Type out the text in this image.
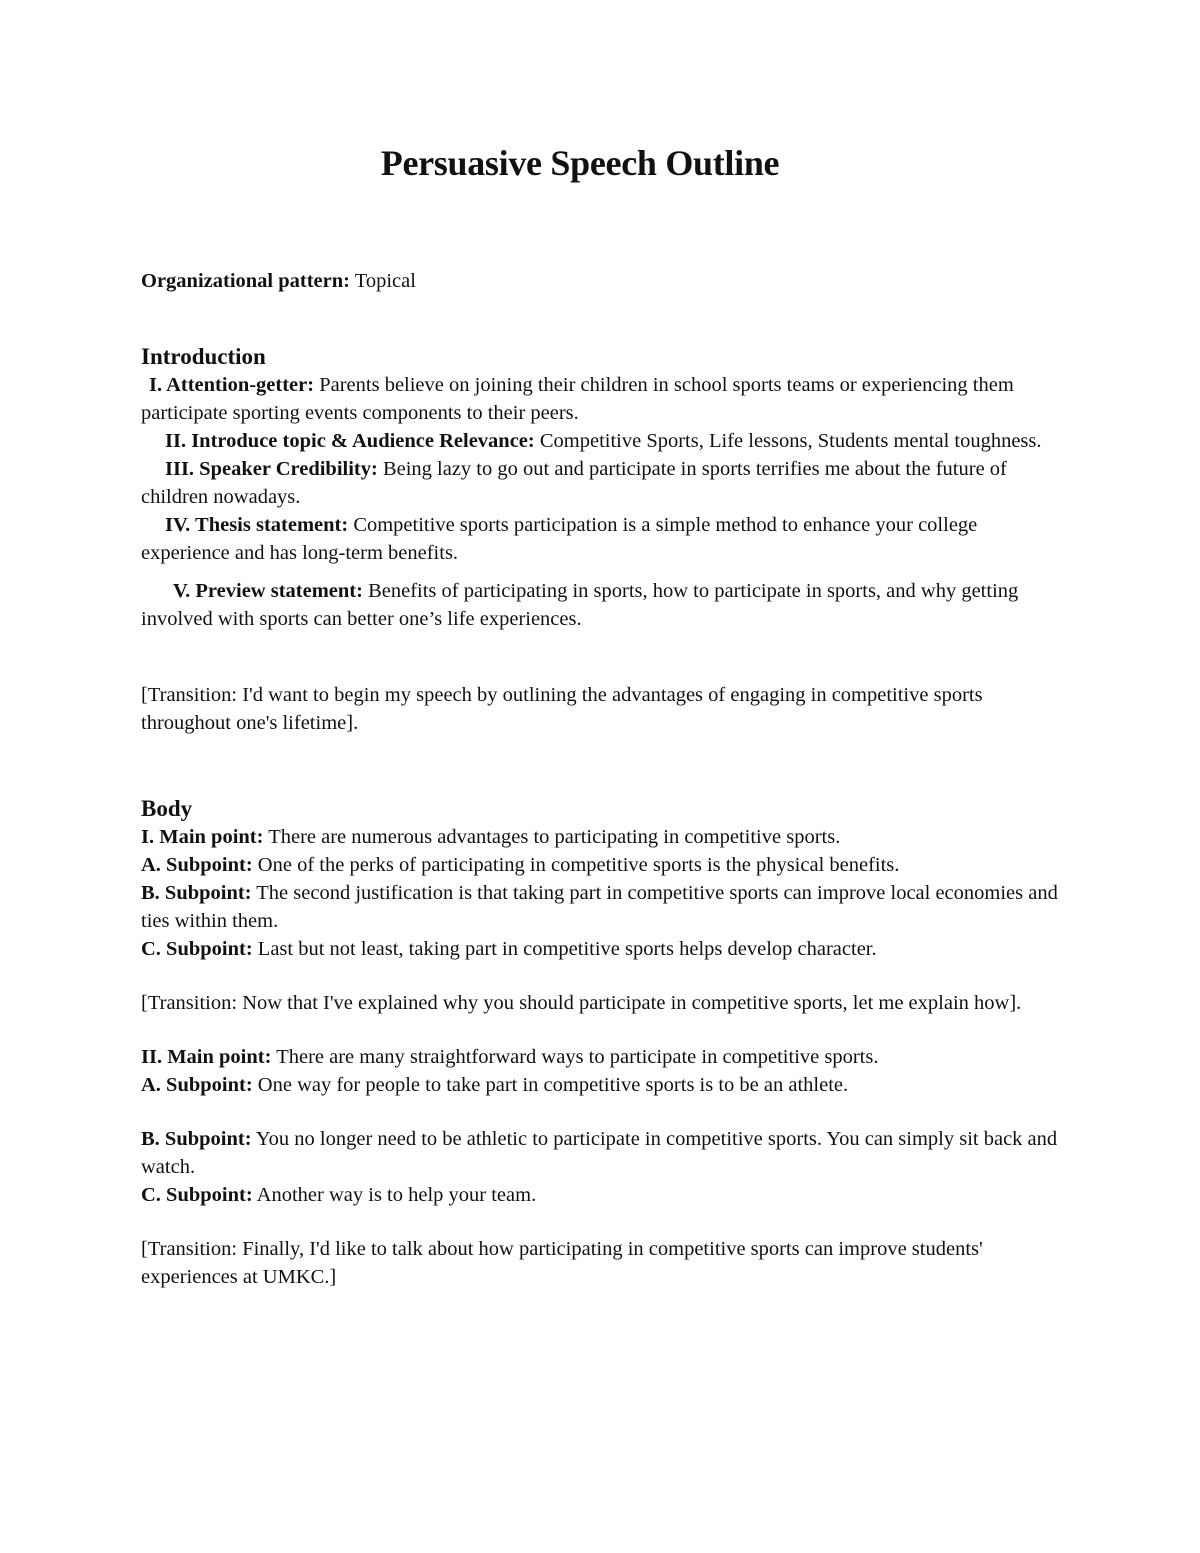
Persuasive Speech Outline
Organizational pattern: Topical
Introduction
I. Attention-getter: Parents believe on joining their children in school sports teams or experiencing them participate sporting events components to their peers.
II. Introduce topic & Audience Relevance: Competitive Sports, Life lessons, Students mental toughness.
III. Speaker Credibility: Being lazy to go out and participate in sports terrifies me about the future of children nowadays.
IV. Thesis statement: Competitive sports participation is a simple method to enhance your college experience and has long-term benefits.
V. Preview statement: Benefits of participating in sports, how to participate in sports, and why getting involved with sports can better one’s life experiences.
[Transition: I'd want to begin my speech by outlining the advantages of engaging in competitive sports throughout one's lifetime].
Body
I. Main point: There are numerous advantages to participating in competitive sports.
A. Subpoint: One of the perks of participating in competitive sports is the physical benefits.
B. Subpoint: The second justification is that taking part in competitive sports can improve local economies and ties within them.
C. Subpoint: Last but not least, taking part in competitive sports helps develop character.
[Transition: Now that I've explained why you should participate in competitive sports, let me explain how].
II. Main point: There are many straightforward ways to participate in competitive sports.
A. Subpoint: One way for people to take part in competitive sports is to be an athlete.
B. Subpoint: You no longer need to be athletic to participate in competitive sports. You can simply sit back and watch.
C. Subpoint: Another way is to help your team.
[Transition: Finally, I'd like to talk about how participating in competitive sports can improve students' experiences at UMKC.]
